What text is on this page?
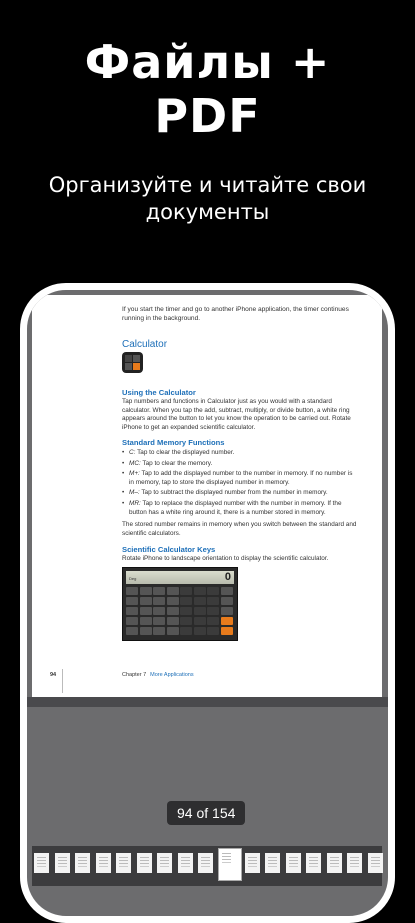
Файлы +
PDF
Организуйте и читайте свои
документы
If you start the timer and go to another iPhone application, the timer continues running in the background.
Calculator
Using the Calculator
Tap numbers and functions in Calculator just as you would with a standard calculator. When you tap the add, subtract, multiply, or divide button, a white ring appears around the button to let you know the operation to be carried out. Rotate iPhone to get an expanded scientific calculator.
Standard Memory Functions
• C: Tap to clear the displayed number.
• MC: Tap to clear the memory.
• M+: Tap to add the displayed number to the number in memory. If no number is in memory, tap to store the displayed number in memory.
• M–: Tap to subtract the displayed number from the number in memory.
• MR: Tap to replace the displayed number with the number in memory. If the button has a white ring around it, there is a number stored in memory.
The stored number remains in memory when you switch between the standard and scientific calculators.
Scientific Calculator Keys
Rotate iPhone to landscape orientation to display the scientific calculator.
Deg	0
94	Chapter 7 More Applications
94 of 154
